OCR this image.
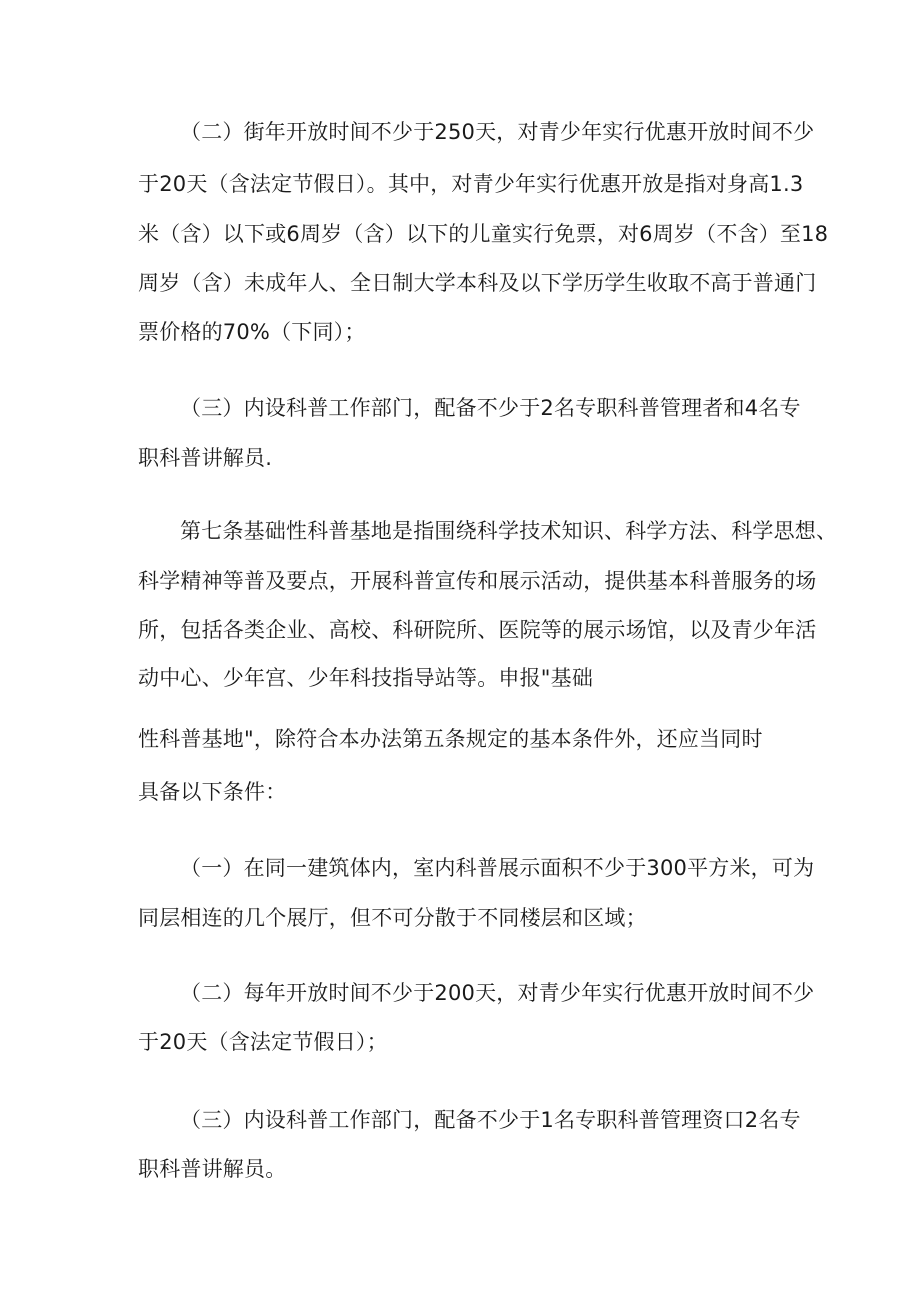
（二）街年开放时间不少于250天，对青少年实行优惠开放时间不少
于20天（含法定节假日）。其中，对青少年实行优惠开放是指对身高1.3
米（含）以下或6周岁（含）以下的儿童实行免票，对6周岁（不含）至18
周岁（含）未成年人、全日制大学本科及以下学历学生收取不高于普通门
票价格的70%（下同）；
（三）内设科普工作部门，配备不少于2名专职科普管理者和4名专
职科普讲解员.
第七条基础性科普基地是指围绕科学技术知识、科学方法、科学思想、
科学精神等普及要点，开展科普宣传和展示活动，提供基本科普服务的场
所，包括各类企业、高校、科研院所、医院等的展示场馆，以及青少年活
动中心、少年宫、少年科技指导站等。申报"基础
性科普基地"，除符合本办法第五条规定的基本条件外，还应当同时
具备以下条件：
（一）在同一建筑体内，室内科普展示面积不少于300平方米，可为
同层相连的几个展厅，但不可分散于不同楼层和区域；
（二）每年开放时间不少于200天，对青少年实行优惠开放时间不少
于20天（含法定节假日）；
（三）内设科普工作部门，配备不少于1名专职科普管理资口2名专
职科普讲解员。
